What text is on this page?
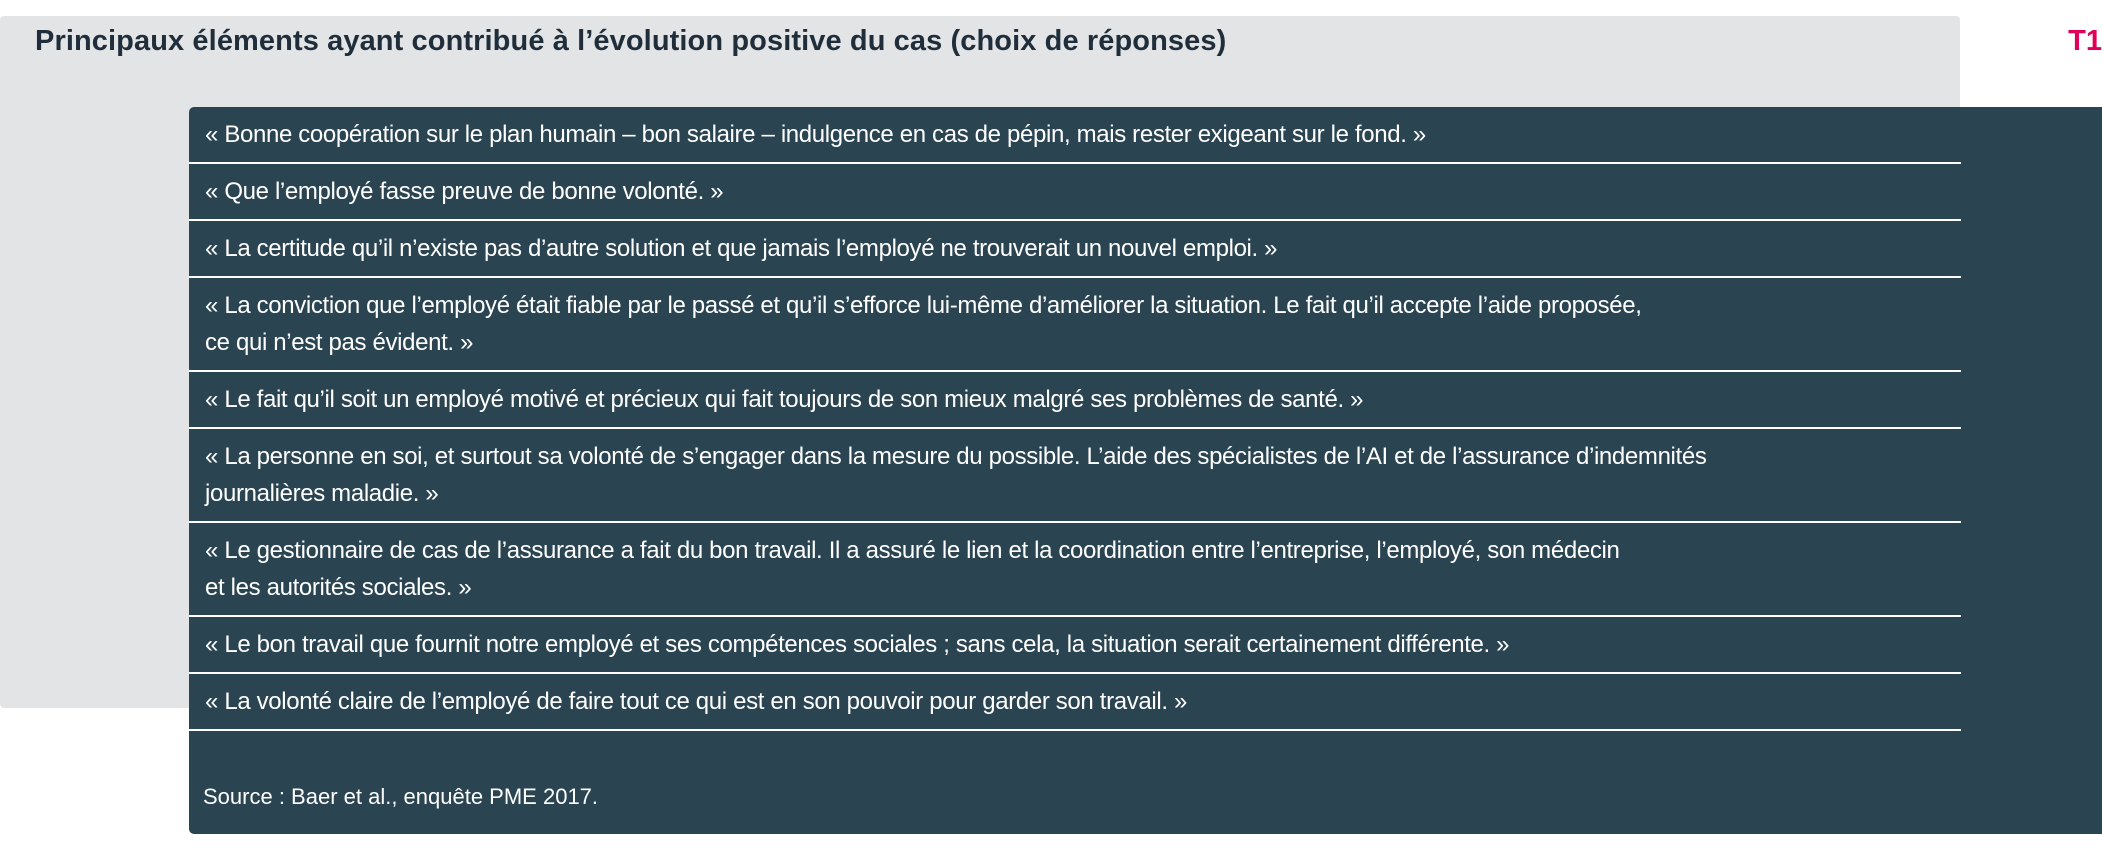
Principaux éléments ayant contribué à l’évolution positive du cas (choix de réponses)	T1
« Bonne coopération sur le plan humain – bon salaire – indulgence en cas de pépin, mais rester exigeant sur le fond. »
« Que l’employé fasse preuve de bonne volonté. »
« La certitude qu’il n’existe pas d’autre solution et que jamais l’employé ne trouverait un nouvel emploi. »
« La conviction que l’employé était fiable par le passé et qu’il s’efforce lui-même d’améliorer la situation. Le fait qu’il accepte l’aide proposée,
ce qui n’est pas évident. »
« Le fait qu’il soit un employé motivé et précieux qui fait toujours de son mieux malgré ses problèmes de santé. »
« La personne en soi, et surtout sa volonté de s’engager dans la mesure du possible. L’aide des spécialistes de l’AI et de l’assurance d’indemnités
journalières maladie. »
« Le gestionnaire de cas de l’assurance a fait du bon travail. Il a assuré le lien et la coordination entre l’entreprise, l’employé, son médecin
et les autorités sociales. »
« Le bon travail que fournit notre employé et ses compétences sociales ; sans cela, la situation serait certainement différente. »
« La volonté claire de l’employé de faire tout ce qui est en son pouvoir pour garder son travail. »

Source : Baer et al., enquête PME 2017.
